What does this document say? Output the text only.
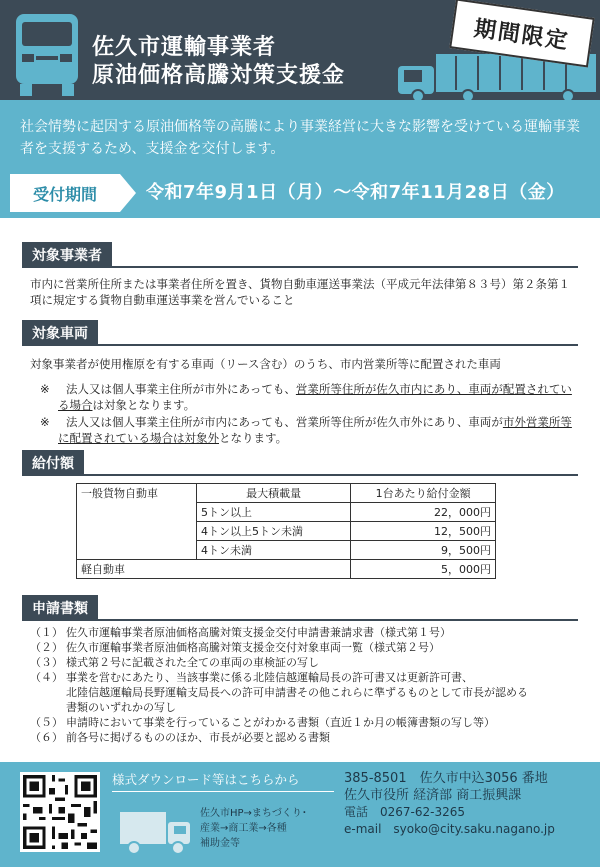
佐久市運輸事業者
原油価格高騰対策支援金
期間限定
社会情勢に起因する原油価格等の高騰により事業経営に大きな影響を受けている運輸事業者を支援するため、支援金を交付します。
受付期間	令和7年9月1日（月）～令和7年11月28日（金）
対象事業者
市内に営業所住所または事業者住所を置き、貨物自動車運送事業法（平成元年法律第８３号）第２条第１項に規定する貨物自動車運送事業を営んでいること
対象車両
対象事業者が使用権原を有する車両（リース含む）のうち、市内営業所等に配置された車両
※	法人又は個人事業主住所が市外にあっても、営業所等住所が佐久市内にあり、車両が配置されている場合は対象となります。
※	法人又は個人事業主住所が市内にあっても、営業所等住所が佐久市外にあり、車両が市外営業所等に配置されている場合は対象外となります。
給付額
一般貨物自動車	最大積載量	1台あたり給付金額
	5トン以上	22，000円
	4トン以上5トン未満	12，500円
	4トン未満	9，500円
軽自動車		5，000円
申請書類
（１） 佐久市運輸事業者原油価格高騰対策支援金交付申請書兼請求書（様式第１号）
（２） 佐久市運輸事業者原油価格高騰対策支援金交付対象車両一覧（様式第２号）
（３） 様式第２号に記載された全ての車両の車検証の写し
（４） 事業を営むにあたり、当該事業に係る北陸信越運輸局長の許可書又は更新許可書、
北陸信越運輸局長野運輸支局長への許可申請書その他これらに準ずるものとして市長が認める
書類のいずれかの写し
（５） 申請時において事業を行っていることがわかる書類（直近１か月の帳簿書類の写し等）
（６） 前各号に掲げるもののほか、市長が必要と認める書類
様式ダウンロード等はこちらから
佐久市HP→まちづくり･
産業→商工業→各種
補助金等
385-8501　佐久市中込3056 番地
佐久市役所 経済部 商工振興課
電話　0267-62-3265
e-mail　syoko@city.saku.nagano.jp
